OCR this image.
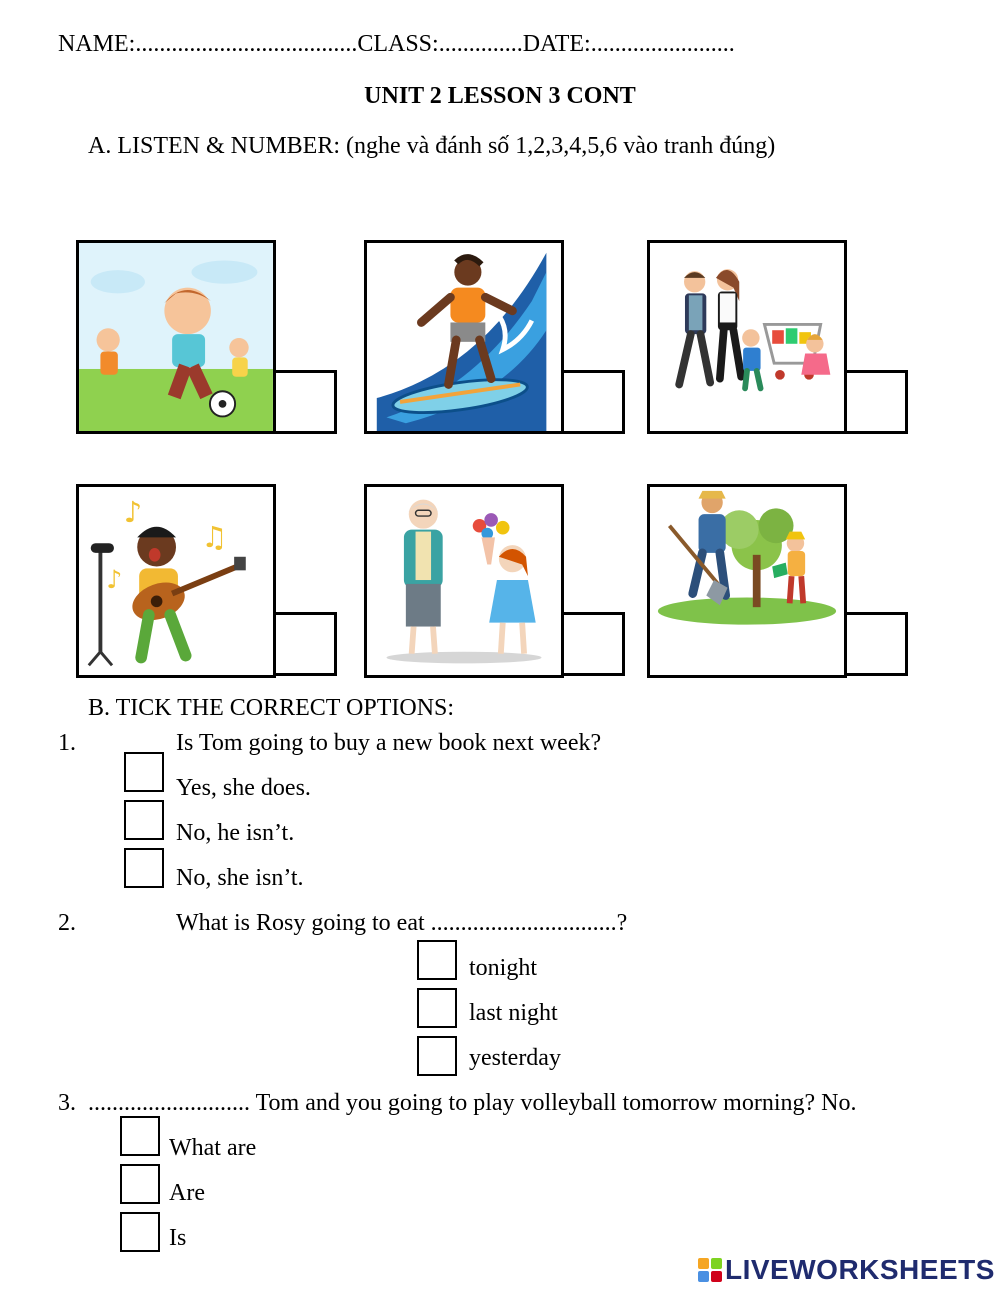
NAME:.....................................CLASS:..............DATE:........................
UNIT 2 LESSON 3 CONT
A. LISTEN & NUMBER: (nghe và đánh số 1,2,3,4,5,6 vào tranh đúng)
♪
♫
♪
B. TICK THE CORRECT OPTIONS:
1.	Is Tom going to buy a new book next week?
Yes, she does.
No, he isn’t.
No, she isn’t.
2.	What is Rosy going to eat ...............................?
tonight
last night
yesterday
3. ........................... Tom and you going to play volleyball tomorrow morning? No.
What are
Are
Is
LIVEWORKSHEETS
